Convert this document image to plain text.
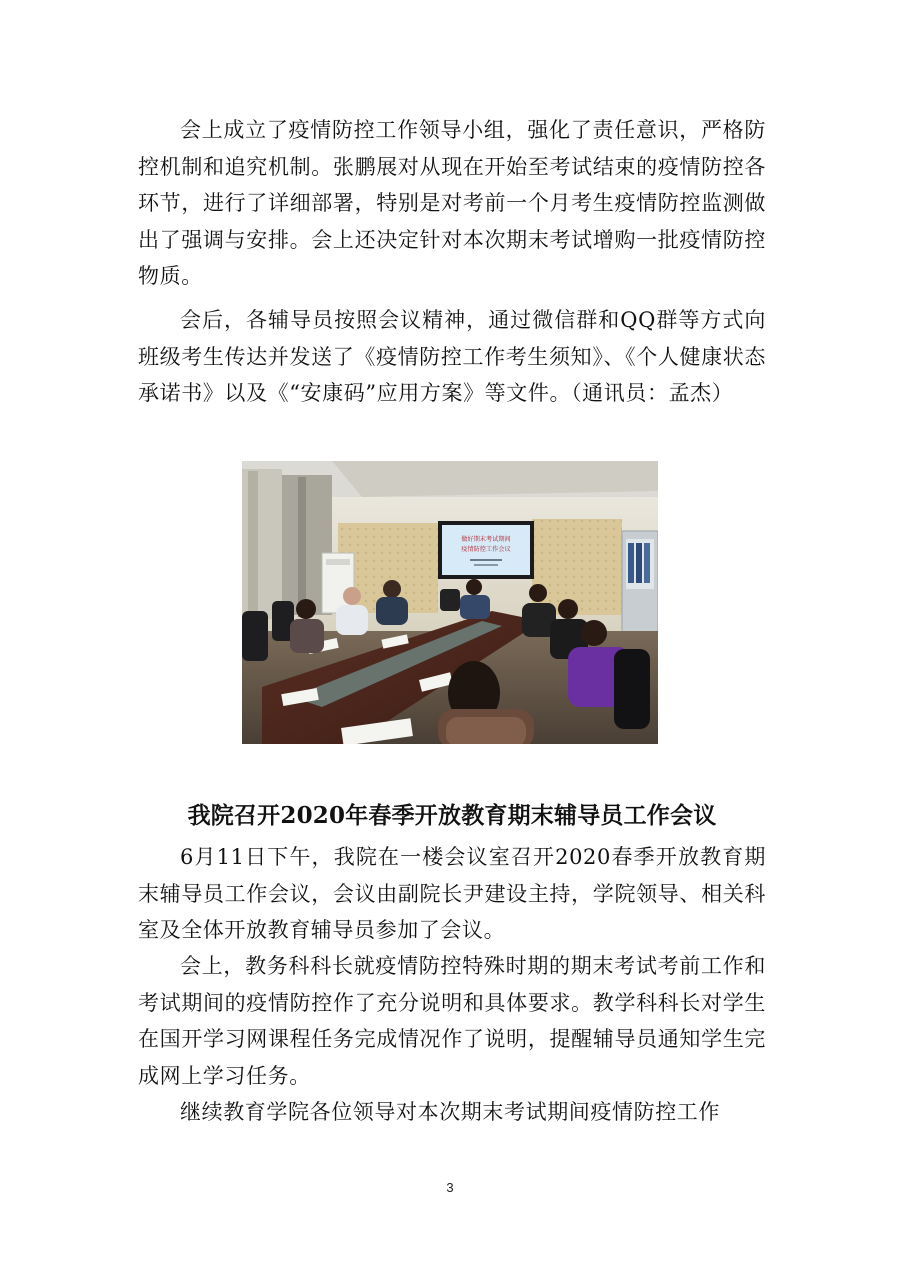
会上成立了疫情防控工作领导小组，强化了责任意识，严格防控机制和追究机制。张鹏展对从现在开始至考试结束的疫情防控各环节，进行了详细部署，特别是对考前一个月考生疫情防控监测做出了强调与安排。会上还决定针对本次期末考试增购一批疫情防控物质。

会后，各辅导员按照会议精神，通过微信群和QQ群等方式向班级考生传达并发送了《疫情防控工作考生须知》、《个人健康状态承诺书》以及《“安康码”应用方案》等文件。（通讯员：孟杰）

做好期末考试期间
疫情防控工作会议
我院召开2020年春季开放教育期末辅导员工作会议

6月11日下午，我院在一楼会议室召开2020春季开放教育期末辅导员工作会议，会议由副院长尹建设主持，学院领导、相关科室及全体开放教育辅导员参加了会议。

会上，教务科科长就疫情防控特殊时期的期末考试考前工作和考试期间的疫情防控作了充分说明和具体要求。教学科科长对学生在国开学习网课程任务完成情况作了说明，提醒辅导员通知学生完成网上学习任务。

继续教育学院各位领导对本次期末考试期间疫情防控工作

3
